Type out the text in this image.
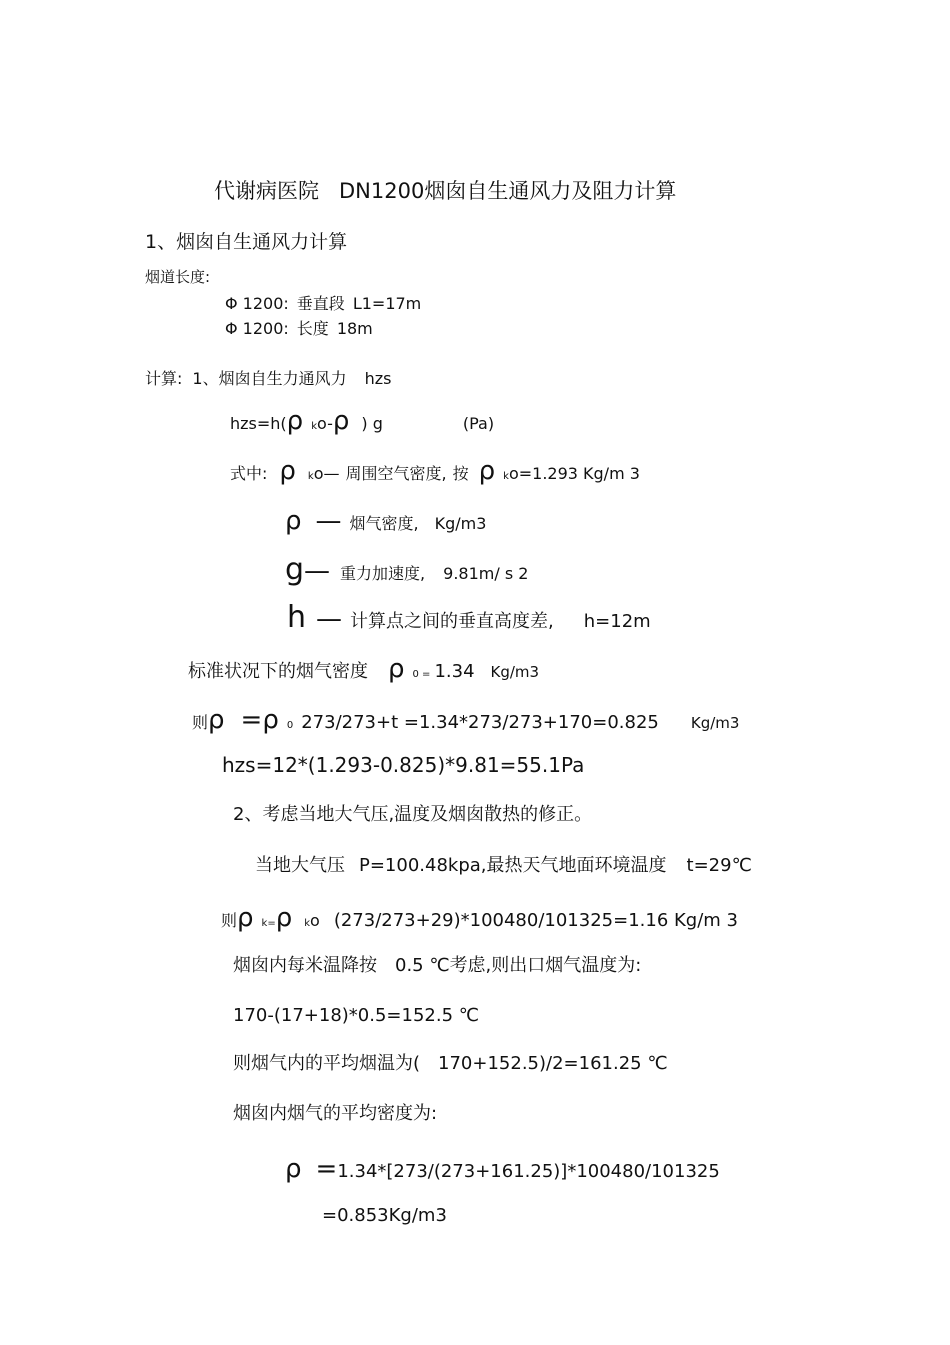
代谢病医院 DN1200烟囱自生通风力及阻力计算
1、烟囱自生通风力计算
烟道长度:
Φ 1200: 垂直段 L1=17m
Φ 1200: 长度 18m
计算: 1、烟囱自生力通风力 hzs
hzs=h(ρ ko-ρ ) g	(Pa)
式中: ρ ko— 周围空气密度, 按 ρ ko=1.293 Kg/m 3
ρ — 烟气密度, Kg/m3
g— 重力加速度, 9.81m/ s 2
h — 计算点之间的垂直高度差, h=12m
标准状况下的烟气密度 ρ 0 = 1.34 Kg/m3
则ρ =ρ 0 273/273+t =1.34*273/273+170=0.825 Kg/m3
hzs=12*(1.293-0.825)*9.81=55.1Pa
2、考虑当地大气压,温度及烟囱散热的修正。
当地大气压 P=100.48kpa,最热天气地面环境温度 t=29℃
则ρ k=ρ ko (273/273+29)*100480/101325=1.16 Kg/m 3
烟囱内每米温降按 0.5 ℃考虑,则出口烟气温度为:
170-(17+18)*0.5=152.5 ℃
则烟气内的平均烟温为( 170+152.5)/2=161.25 ℃
烟囱内烟气的平均密度为:
ρ =1.34*[273/(273+161.25)]*100480/101325
=0.853Kg/m3
